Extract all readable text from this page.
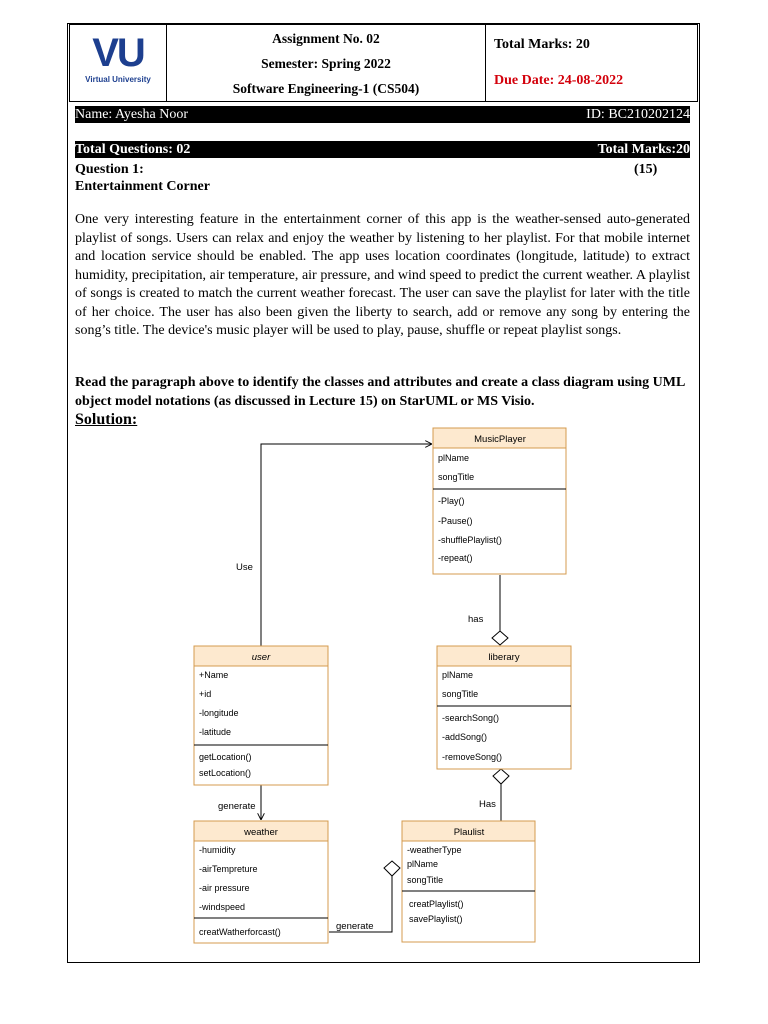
VU
Virtual University

Assignment No. 02
Semester: Spring 2022
Software Engineering-1 (CS504)

Total Marks: 20
Due Date: 24-08-2022
Name: Ayesha Noor	ID: BC210202124
Total Questions: 02	Total Marks:20
Question 1:	(15)
Entertainment Corner
One very interesting feature in the entertainment corner of this app is the weather-sensed auto-generated playlist of songs. Users can relax and enjoy the weather by listening to her playlist. For that mobile internet and location service should be enabled. The app uses location coordinates (longitude, latitude) to extract humidity, precipitation, air temperature, air pressure, and wind speed to predict the current weather. A playlist of songs is created to match the current weather forecast. The user can save the playlist for later with the title of her choice. The user has also been given the liberty to search, add or remove any song by entering the song’s title. The device's music player will be used to play, pause, shuffle or repeat playlist songs.
Read the paragraph above to identify the classes and attributes and create a class diagram using UML object model notations (as discussed in Lecture 15) on StarUML or MS Visio.
Solution:
Use
has
Has
generate
generate
MusicPlayer
plName
songTitle
-Play()
-Pause()
-shufflePlaylist()
-repeat()
user
+Name
+id
-longitude
-latitude
getLocation()
setLocation()
liberary
plName
songTitle
-searchSong()
-addSong()
-removeSong()
weather
-humidity
-airTempreture
-air pressure
-windspeed
creatWatherforcast()
Plaulist
-weatherType
plName
songTitle
creatPlaylist()
savePlaylist()
